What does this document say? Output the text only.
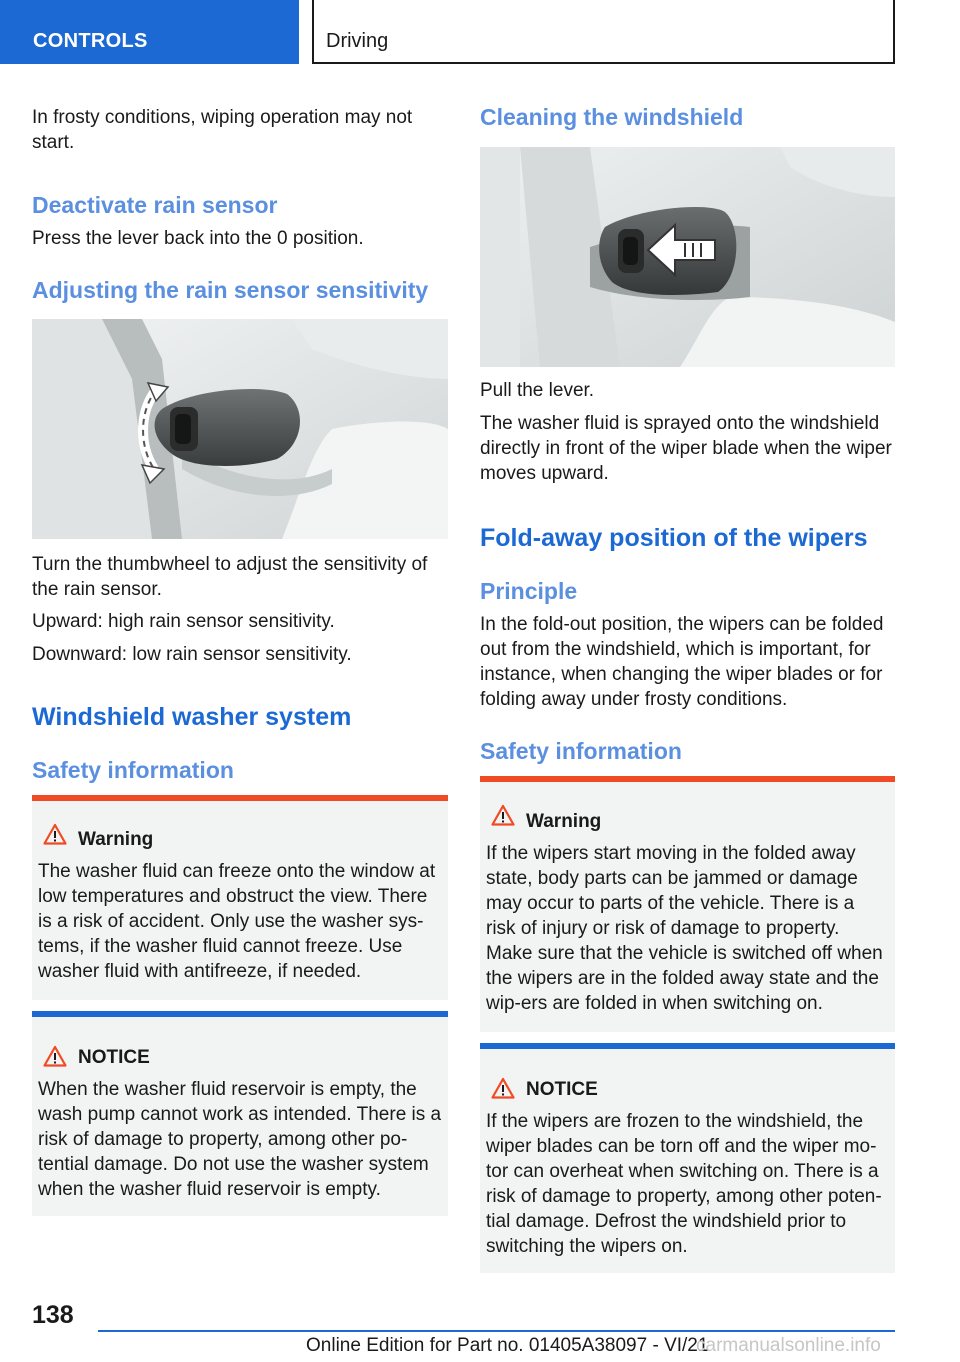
CONTROLS	Driving

In frosty conditions, wiping operation may not start.

Deactivate rain sensor

Press the lever back into the 0 position.

Adjusting the rain sensor sensitivity

Turn the thumbwheel to adjust the sensitivity of the rain sensor.

Upward: high rain sensor sensitivity.

Downward: low rain sensor sensitivity.

Windshield washer system
Safety information
Warning
The washer fluid can freeze onto the window at low temperatures and obstruct the view. There is a risk of accident. Only use the washer sys-tems, if the washer fluid cannot freeze. Use washer fluid with antifreeze, if needed.
NOTICE
When the washer fluid reservoir is empty, the wash pump cannot work as intended. There is a risk of damage to property, among other po-tential damage. Do not use the washer system when the washer fluid reservoir is empty.
Cleaning the windshield

Pull the lever.

The washer fluid is sprayed onto the windshield directly in front of the wiper blade when the wiper moves upward.

Fold-away position of the wipers
Principle

In the fold-out position, the wipers can be folded out from the windshield, which is important, for instance, when changing the wiper blades or for folding away under frosty conditions.

Safety information
Warning
If the wipers start moving in the folded away state, body parts can be jammed or damage may occur to parts of the vehicle. There is a risk of injury or risk of damage to property. Make sure that the vehicle is switched off when the wipers are in the folded away state and the wip-ers are folded in when switching on.
NOTICE
If the wipers are frozen to the windshield, the wiper blades can be torn off and the wiper mo-tor can overheat when switching on. There is a risk of damage to property, among other poten-tial damage. Defrost the windshield prior to switching the wipers on.
138
Online Edition for Part no. 01405A38097 - VI/21
carmanualsonline.info
